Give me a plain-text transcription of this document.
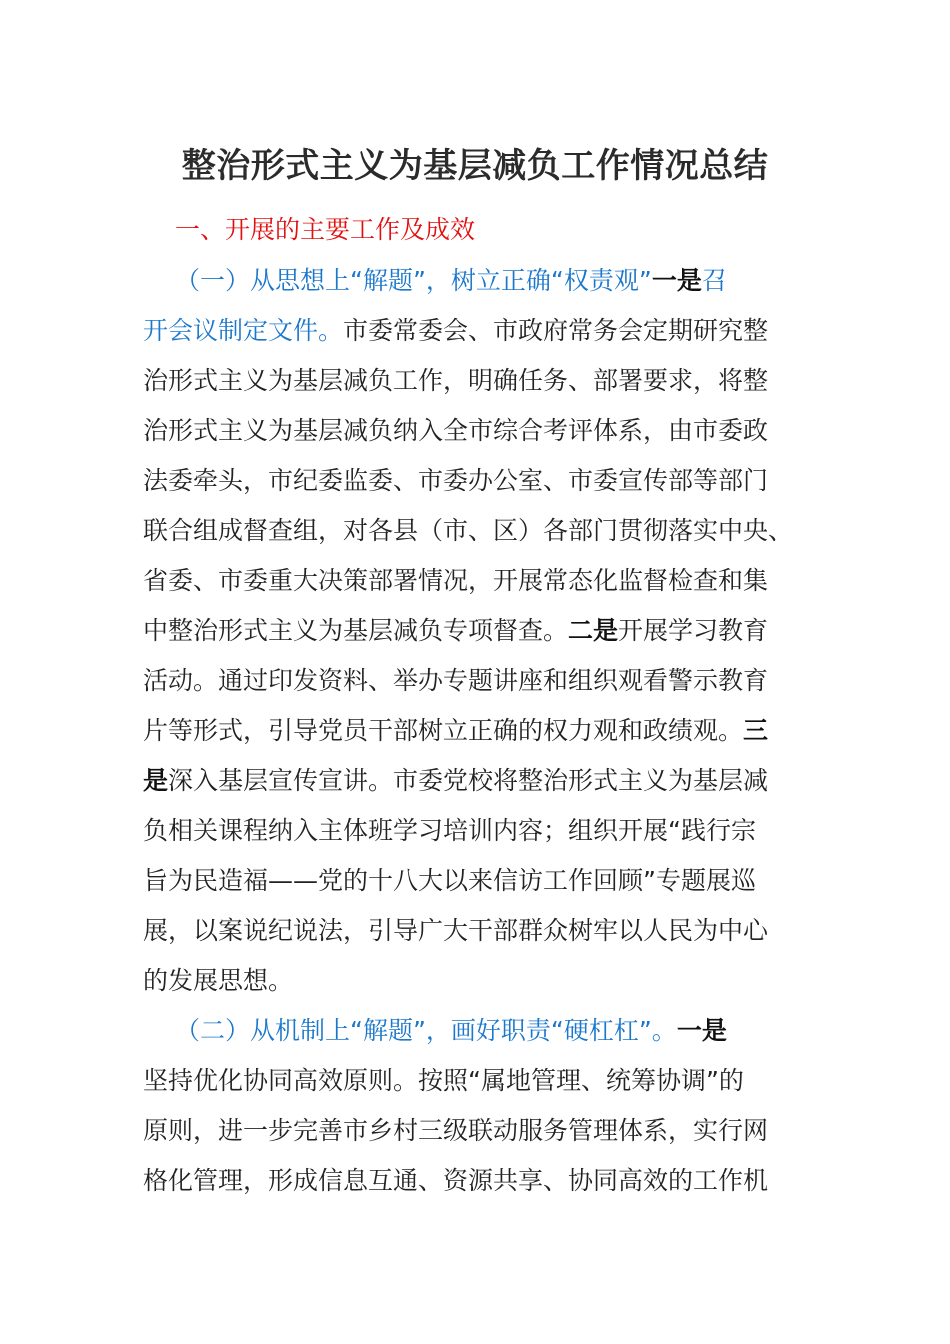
整治形式主义为基层减负工作情况总结
一、开展的主要工作及成效
（一）从思想上“解题”，树立正确“权责观” 一是 召
开会议制定文件。 市委常委会、市政府常务会定期研究整
治形式主义为基层减负工作，明确任务、部署要求，将整
治形式主义为基层减负纳入全市综合考评体系，由市委政
法委牵头，市纪委监委、市委办公室、市委宣传部等部门
联合组成督查组，对各县（市、区）各部门贯彻落实中央、
省委、市委重大决策部署情况，开展常态化监督检查和集
中整治形式主义为基层减负专项督查。 二是 开展学习教育
活动。通过印发资料、举办专题讲座和组织观看警示教育
片等形式，引导党员干部树立正确的权力观和政绩观。 三
是 深入基层宣传宣讲。市委党校将整治形式主义为基层减
负相关课程纳入主体班学习培训内容；组织开展“践行宗
旨为民造福——党的十八大以来信访工作回顾”专题展巡
展，以案说纪说法，引导广大干部群众树牢以人民为中心
的发展思想。
（二）从机制上“解题”，画好职责“硬杠杠”。 一是
坚持优化协同高效原则。按照“属地管理、统筹协调”的
原则，进一步完善市乡村三级联动服务管理体系，实行网
格化管理，形成信息互通、资源共享、协同高效的工作机
